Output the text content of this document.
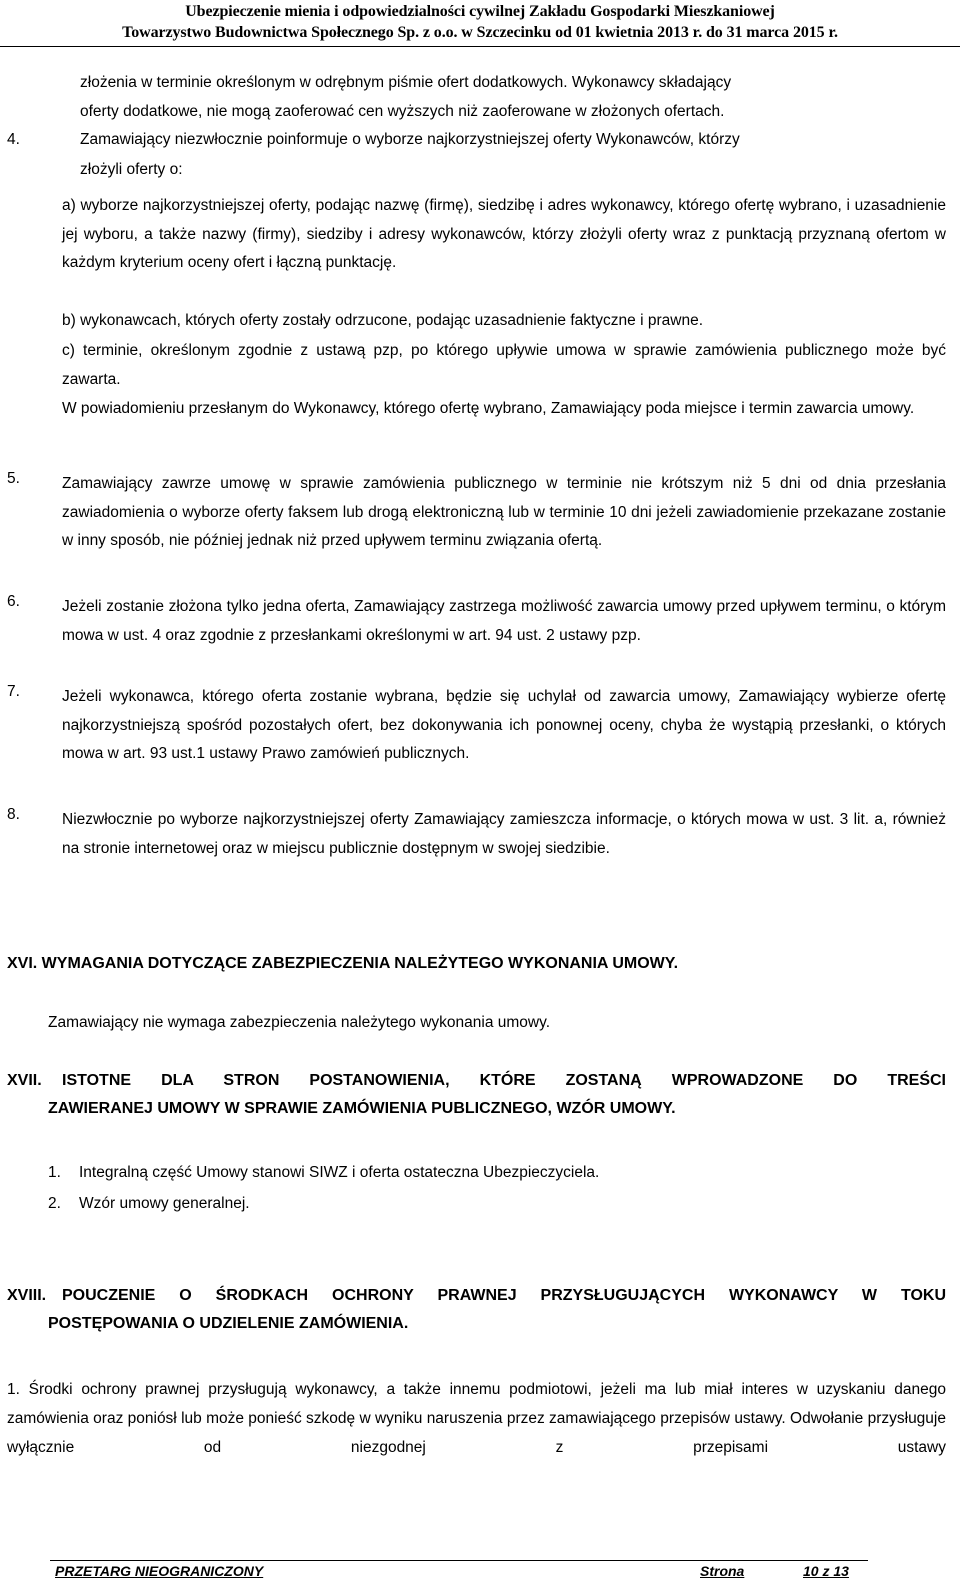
Ubezpieczenie mienia i odpowiedzialności cywilnej Zakładu Gospodarki Mieszkaniowej
Towarzystwo Budownictwa Społecznego Sp. z o.o. w Szczecinku od 01 kwietnia 2013 r. do 31 marca 2015 r.
złożenia w terminie określonym w odrębnym piśmie ofert dodatkowych. Wykonawcy składający
oferty dodatkowe, nie mogą zaoferować cen wyższych niż zaoferowane w złożonych ofertach.
4.	Zamawiający niezwłocznie poinformuje o wyborze najkorzystniejszej oferty Wykonawców, którzy
złożyli oferty o:
a) wyborze najkorzystniejszej oferty, podając nazwę (firmę), siedzibę i adres wykonawcy, którego ofertę wybrano, i uzasadnienie jej wyboru, a także nazwy (firmy), siedziby i adresy wykonawców, którzy złożyli oferty wraz z punktacją przyznaną ofertom w każdym kryterium oceny ofert i łączną punktację.
b) wykonawcach, których oferty zostały odrzucone, podając uzasadnienie faktyczne i prawne.
c) terminie, określonym zgodnie z ustawą pzp, po którego upływie umowa w sprawie zamówienia publicznego może być zawarta.
W powiadomieniu przesłanym do Wykonawcy, którego ofertę wybrano, Zamawiający poda miejsce i termin zawarcia umowy.
5.	Zamawiający zawrze umowę w sprawie zamówienia publicznego w terminie nie krótszym niż 5 dni od dnia przesłania zawiadomienia o wyborze oferty faksem lub drogą elektroniczną lub w terminie 10 dni jeżeli zawiadomienie przekazane zostanie w inny sposób, nie później jednak niż przed upływem terminu związania ofertą.
6.	Jeżeli zostanie złożona tylko jedna oferta, Zamawiający zastrzega możliwość zawarcia umowy przed upływem terminu, o którym mowa w ust. 4 oraz zgodnie z przesłankami określonymi w art. 94 ust. 2 ustawy pzp.
7.	Jeżeli wykonawca, którego oferta zostanie wybrana, będzie się uchylał od zawarcia umowy, Zamawiający wybierze ofertę najkorzystniejszą spośród pozostałych ofert, bez dokonywania ich ponownej oceny, chyba że wystąpią przesłanki, o których mowa w art. 93 ust.1 ustawy Prawo zamówień publicznych.
8.	Niezwłocznie po wyborze najkorzystniejszej oferty Zamawiający zamieszcza informacje, o których mowa w ust. 3 lit. a, również na stronie internetowej oraz w miejscu publicznie dostępnym w swojej siedzibie.
XVI. WYMAGANIA DOTYCZĄCE ZABEZPIECZENIA NALEŻYTEGO WYKONANIA UMOWY.
Zamawiający nie wymaga zabezpieczenia należytego wykonania umowy.
XVII. ISTOTNE DLA STRON POSTANOWIENIA, KTÓRE ZOSTANĄ WPROWADZONE DO TREŚCI
ZAWIERANEJ UMOWY W SPRAWIE ZAMÓWIENIA PUBLICZNEGO, WZÓR UMOWY.
1. Integralną część Umowy stanowi SIWZ i oferta ostateczna Ubezpieczyciela.
2. Wzór umowy generalnej.
XVIII. POUCZENIE O ŚRODKACH OCHRONY PRAWNEJ PRZYSŁUGUJĄCYCH WYKONAWCY W TOKU
POSTĘPOWANIA O UDZIELENIE ZAMÓWIENIA.
1. Środki ochrony prawnej przysługują wykonawcy, a także innemu podmiotowi, jeżeli ma lub miał interes w uzyskaniu danego zamówienia oraz poniósł lub może ponieść szkodę w wyniku naruszenia przez zamawiającego przepisów ustawy. Odwołanie przysługuje wyłącznie od niezgodnej z przepisami ustawy
PRZETARG NIEOGRANICZONY	Strona	10 z 13
